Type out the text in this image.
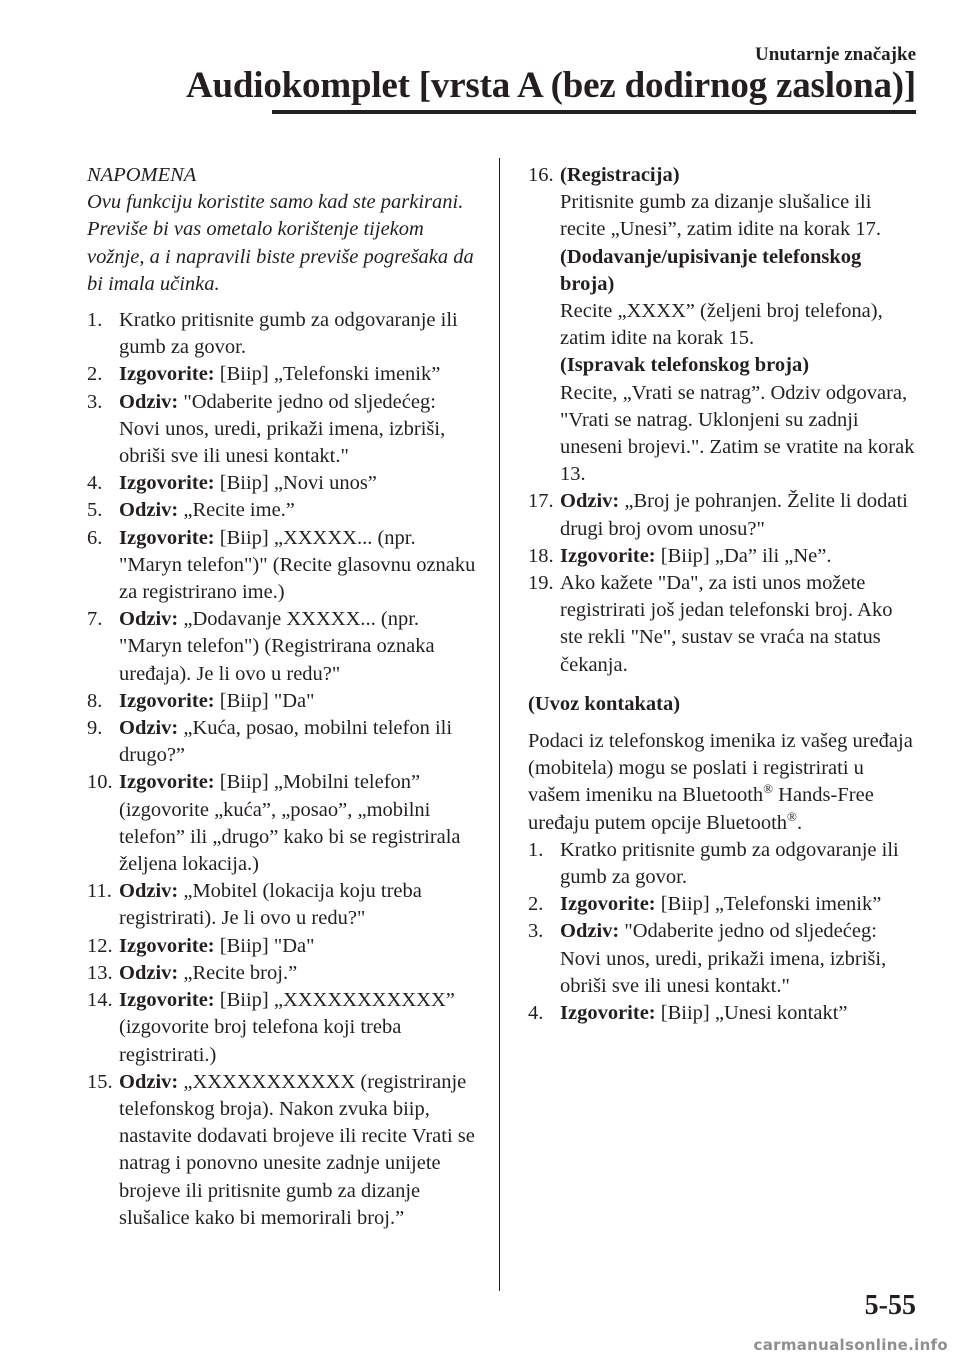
Unutarnje značajke
Audiokomplet [vrsta A (bez dodirnog zaslona)]

NAPOMENA

Ovu funkciju koristite samo kad ste parkirani. Previše bi vas ometalo korištenje tijekom vožnje, a i napravili biste previše pogrešaka da bi imala učinka.

1. Kratko pritisnite gumb za odgovaranje ili gumb za govor.
2. Izgovorite: [Biip] „Telefonski imenik”
3. Odziv: "Odaberite jedno od sljedećeg: Novi unos, uredi, prikaži imena, izbriši, obriši sve ili unesi kontakt."
4. Izgovorite: [Biip] „Novi unos”
5. Odziv: „Recite ime.”
6. Izgovorite: [Biip] „XXXXX... (npr. "Maryn telefon")" (Recite glasovnu oznaku za registrirano ime.)
7. Odziv: „Dodavanje XXXXX... (npr. "Maryn telefon") (Registrirana oznaka uređaja). Je li ovo u redu?"
8. Izgovorite: [Biip] "Da"
9. Odziv: „Kuća, posao, mobilni telefon ili drugo?”
10. Izgovorite: [Biip] „Mobilni telefon” (izgovorite „kuća”, „posao”, „mobilni telefon” ili „drugo” kako bi se registrirala željena lokacija.)
11. Odziv: „Mobitel (lokacija koju treba registrirati). Je li ovo u redu?"
12. Izgovorite: [Biip] "Da"
13. Odziv: „Recite broj.”
14. Izgovorite: [Biip] „XXXXXXXXXXX” (izgovorite broj telefona koji treba registrirati.)
15. Odziv: „XXXXXXXXXXX (registriranje telefonskog broja). Nakon zvuka biip, nastavite dodavati brojeve ili recite Vrati se natrag i ponovno unesite zadnje unijete brojeve ili pritisnite gumb za dizanje slušalice kako bi memorirali broj.”
16. (Registracija)
Pritisnite gumb za dizanje slušalice ili recite „Unesi”, zatim idite na korak 17.
(Dodavanje/upisivanje telefonskog broja)
Recite „XXXX” (željeni broj telefona), zatim idite na korak 15.
(Ispravak telefonskog broja)
Recite, „Vrati se natrag”. Odziv odgovara, "Vrati se natrag. Uklonjeni su zadnji uneseni brojevi.". Zatim se vratite na korak 13.
17. Odziv: „Broj je pohranjen. Želite li dodati drugi broj ovom unosu?"
18. Izgovorite: [Biip] „Da” ili „Ne”.
19. Ako kažete "Da", za isti unos možete registrirati još jedan telefonski broj. Ako ste rekli "Ne", sustav se vraća na status čekanja.

(Uvoz kontakata)

Podaci iz telefonskog imenika iz vašeg uređaja (mobitela) mogu se poslati i registrirati u vašem imeniku na Bluetooth® Hands-Free uređaju putem opcije Bluetooth®.

1. Kratko pritisnite gumb za odgovaranje ili gumb za govor.
2. Izgovorite: [Biip] „Telefonski imenik”
3. Odziv: "Odaberite jedno od sljedećeg: Novi unos, uredi, prikaži imena, izbriši, obriši sve ili unesi kontakt."
4. Izgovorite: [Biip] „Unesi kontakt”
5-55
carmanualsonline.info
